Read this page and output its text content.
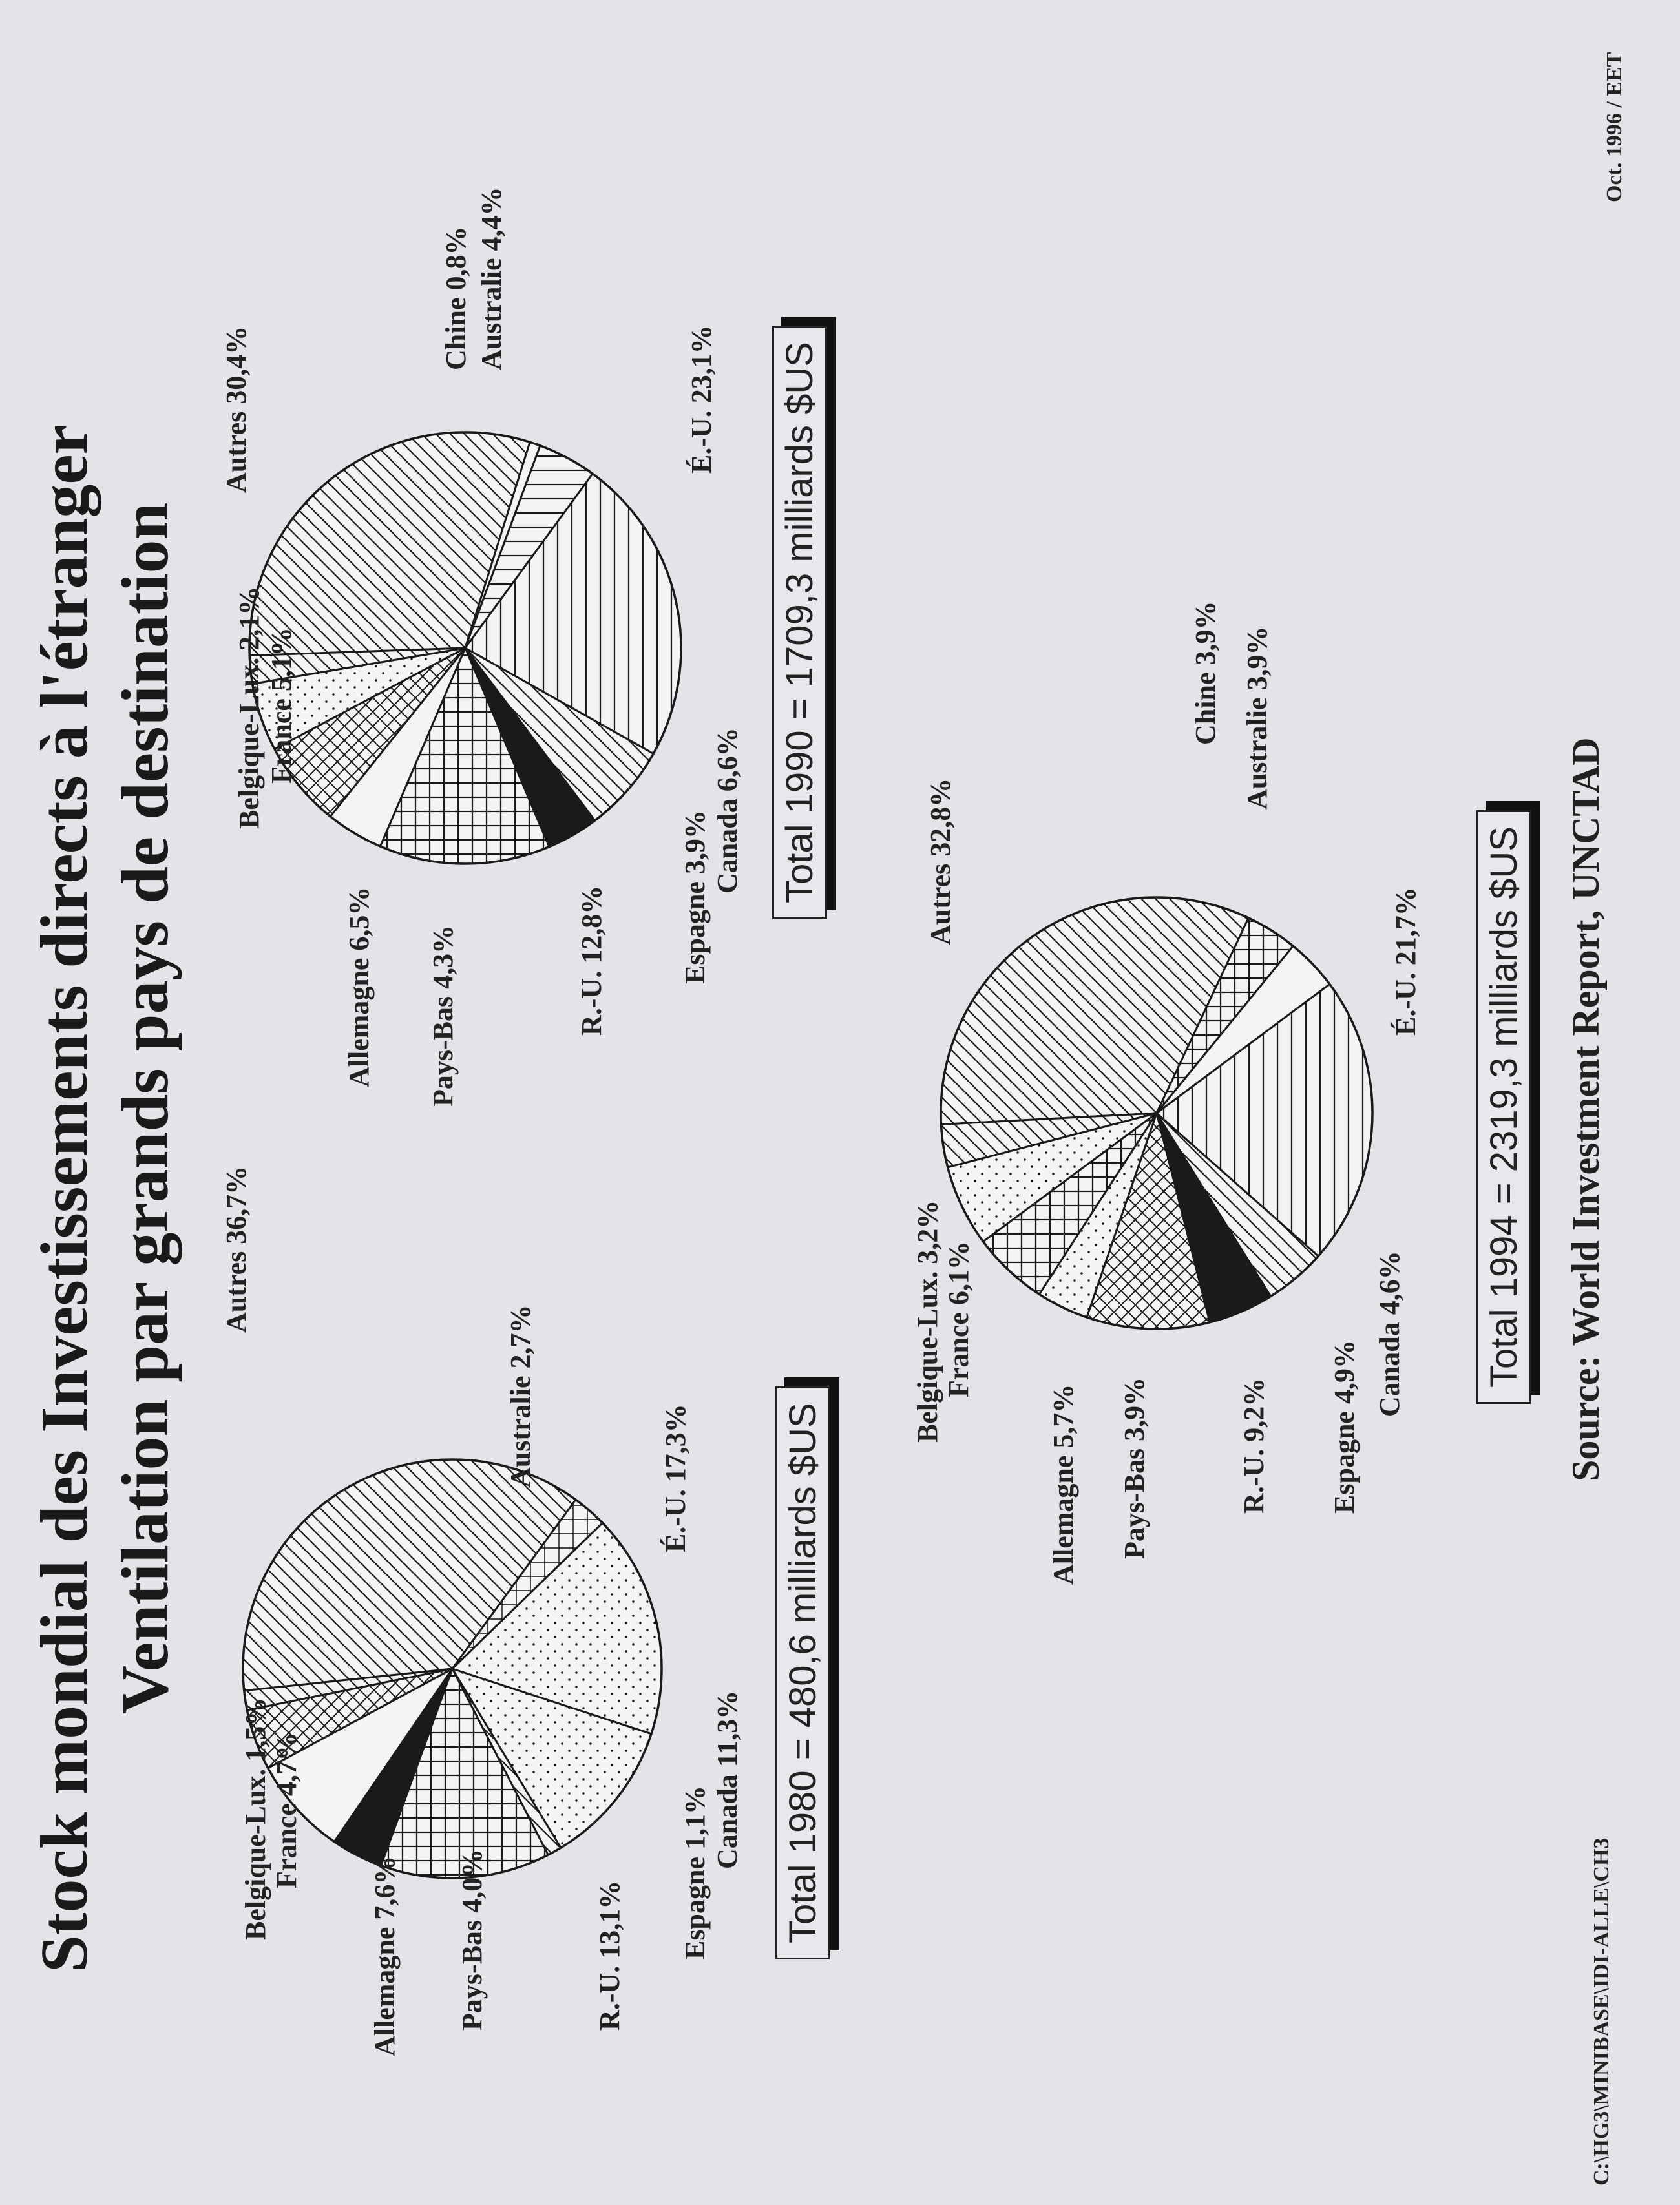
Stock mondial des Investissements directs à l'étranger Ventilation par grands pays de destination
Belgique-Lux. 1,5% France 4,7%
Allemagne 7,6% Pays-Bas 4,0%	R.-U. 13,1% Espagne 1,1%
Canada 11,3%
É.-U. 17,3%
Australie 2,7%
Autres 36,7%
Total 1980 = 480,6 milliards $US
Belgique-Lux. 2,1% France 5,1%
Allemagne 6,5% Pays-Bas 4,3%	R.-U. 12,8%	Espagne 3,9% Canada 6,6%
É.-U. 23,1%
Australie 4,4%
Chine 0,8%
Autres 30,4%	Total 1990 = 1709,3 milliards $US
Belgique-Lux. 3,2% France 6,1%
Allemagne 5,7% Pays-Bas 3,9%	R.-U. 9,2% Espagne 4,9%
Canada 4,6%
É.-U. 21,7%
Australie 3,9%
Chine 3,9%
Autres 32,8%	Total 1994 = 2319,3 milliards $US Source: World Investment Report, UNCTAD
C:\HG3\MINIBASE\IDI-ALLE\CH3
Oct. 1996 / EET
